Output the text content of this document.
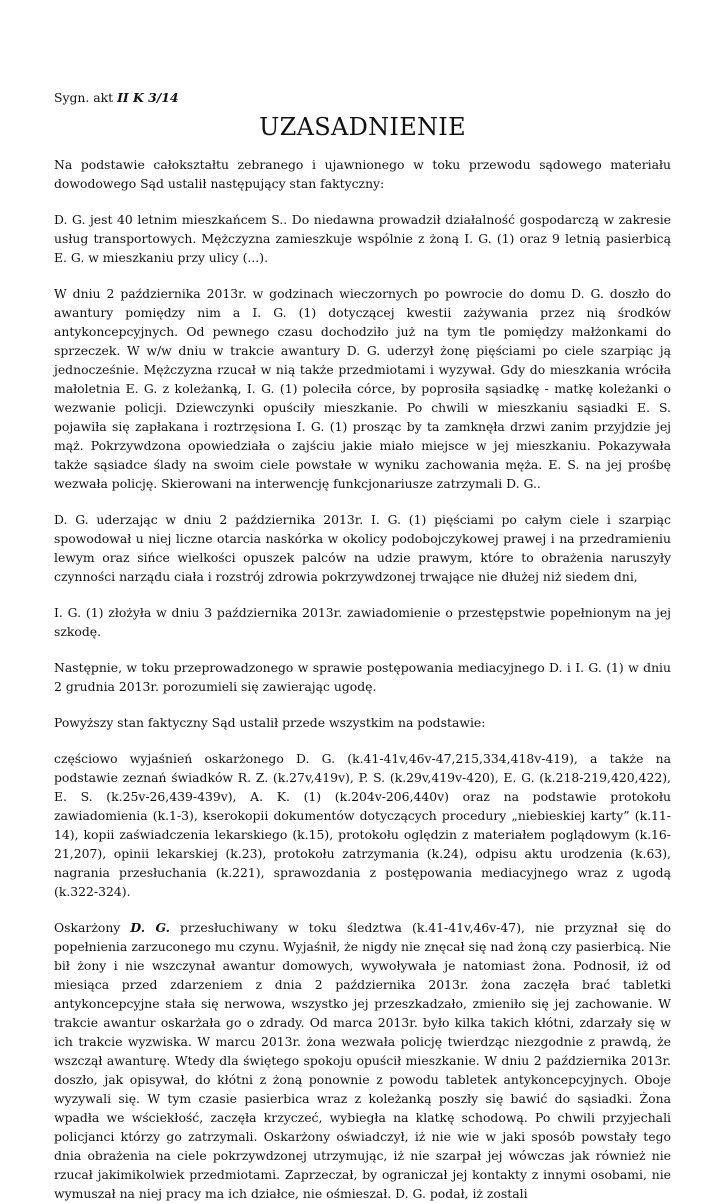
Sygn. akt II K 3/14

UZASADNIENIE

Na podstawie całokształtu zebranego i ujawnionego w toku przewodu sądowego materiału dowodowego Sąd ustalił następujący stan faktyczny:

D. G. jest 40 letnim mieszkańcem S.. Do niedawna prowadził działalność gospodarczą w zakresie usług transportowych. Mężczyzna zamieszkuje wspólnie z żoną I. G. (1) oraz 9 letnią pasierbicą E. G. w mieszkaniu przy ulicy (...).

W dniu 2 października 2013r. w godzinach wieczornych po powrocie do domu D. G. doszło do awantury pomiędzy nim a I. G. (1) dotyczącej kwestii zażywania przez nią środków antykoncepcyjnych. Od pewnego czasu dochodziło już na tym tle pomiędzy małżonkami do sprzeczek. W w/w dniu w trakcie awantury D. G. uderzył żonę pięściami po ciele szarpiąc ją jednocześnie. Mężczyzna rzucał w nią także przedmiotami i wyzywał. Gdy do mieszkania wróciła małoletnia E. G. z koleżanką, I. G. (1) poleciła córce, by poprosiła sąsiadkę - matkę koleżanki o wezwanie policji. Dziewczynki opuściły mieszkanie. Po chwili w mieszkaniu sąsiadki E. S. pojawiła się zapłakana i roztrzęsiona I. G. (1) prosząc by ta zamknęła drzwi zanim przyjdzie jej mąż. Pokrzywdzona opowiedziała o zajściu jakie miało miejsce w jej mieszkaniu. Pokazywała także sąsiadce ślady na swoim ciele powstałe w wyniku zachowania męża. E. S. na jej prośbę wezwała policję. Skierowani na interwencję funkcjonariusze zatrzymali D. G..

D. G. uderzając w dniu 2 października 2013r. I. G. (1) pięściami po całym ciele i szarpiąc spowodował u niej liczne otarcia naskórka w okolicy podobojczykowej prawej i na przedramieniu lewym oraz sińce wielkości opuszek palców na udzie prawym, które to obrażenia naruszyły czynności narządu ciała i rozstrój zdrowia pokrzywdzonej trwające nie dłużej niż siedem dni,

I. G. (1) złożyła w dniu 3 października 2013r. zawiadomienie o przestępstwie popełnionym na jej szkodę.

Następnie, w toku przeprowadzonego w sprawie postępowania mediacyjnego D. i I. G. (1) w dniu 2 grudnia 2013r. porozumieli się zawierając ugodę.

Powyższy stan faktyczny Sąd ustalił przede wszystkim na podstawie:

częściowo wyjaśnień oskarżonego D. G. (k.41-41v,46v-47,215,334,418v-419), a także na podstawie zeznań świadków R. Z. (k.27v,419v), P. S. (k.29v,419v-420), E. G. (k.218-219,420,422), E. S. (k.25v-26,439-439v), A. K. (1) (k.204v-206,440v) oraz na podstawie protokołu zawiadomienia (k.1-3), kserokopii dokumentów dotyczących procedury „niebieskiej karty” (k.11-14), kopii zaświadczenia lekarskiego (k.15), protokołu oględzin z materiałem poglądowym (k.16-21,207), opinii lekarskiej (k.23), protokołu zatrzymania (k.24), odpisu aktu urodzenia (k.63), nagrania przesłuchania (k.221), sprawozdania z postępowania mediacyjnego wraz z ugodą (k.322-324).

Oskarżony D. G. przesłuchiwany w toku śledztwa (k.41-41v,46v-47), nie przyznał się do popełnienia zarzuconego mu czynu. Wyjaśnił, że nigdy nie znęcał się nad żoną czy pasierbicą. Nie bił żony i nie wszczynał awantur domowych, wywoływała je natomiast żona. Podnosił, iż od miesiąca przed zdarzeniem z dnia 2 października 2013r. żona zaczęła brać tabletki antykoncepcyjne stała się nerwowa, wszystko jej przeszkadzało, zmieniło się jej zachowanie. W trakcie awantur oskarżała go o zdrady. Od marca 2013r. było kilka takich kłótni, zdarzały się w ich trakcie wyzwiska. W marcu 2013r. żona wezwała policję twierdząc niezgodnie z prawdą, że wszczął awanturę. Wtedy dla świętego spokoju opuścił mieszkanie. W dniu 2 października 2013r. doszło, jak opisywał, do kłótni z żoną ponownie z powodu tabletek antykoncepcyjnych. Oboje wyzywali się. W tym czasie pasierbica wraz z koleżanką poszły się bawić do sąsiadki. Żona wpadła we wściekłość, zaczęła krzyczeć, wybiegła na klatkę schodową. Po chwili przyjechali policjanci którzy go zatrzymali. Oskarżony oświadczył, iż nie wie w jaki sposób powstały tego dnia obrażenia na ciele pokrzywdzonej utrzymując, iż nie szarpał jej wówczas jak również nie rzucał jakimikolwiek przedmiotami. Zaprzeczał, by ograniczał jej kontakty z innymi osobami, nie wymuszał na niej pracy ma ich działce, nie ośmieszał. D. G. podał, iż zostali
